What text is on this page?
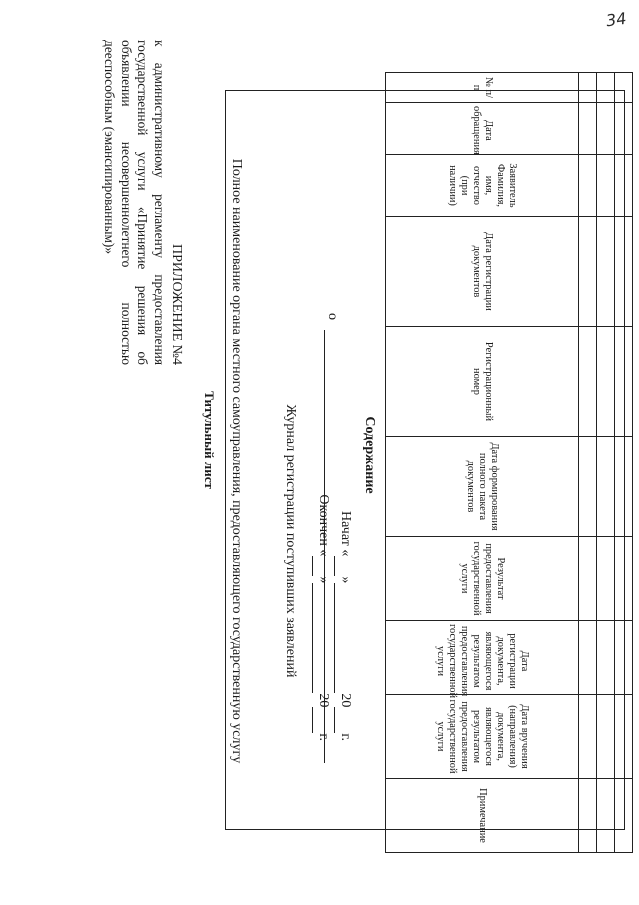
34
ПРИЛОЖЕНИЕ №4
к административному регламенту предоставления государственной услуги «Принятие решения об объявлении несовершеннолетнего полностью дееспособным (эмансипированным)»
Титульный лист Полное наименование органа местного самоуправления, предоставляющего государственную услугу	Журнал регистрации поступивших заявлений
о
Начат «
»
20
г.
Окончен «
»
20
г.
Содержание
№ п/п	Дата обращения	Заявитель Фамилия, имя, отчество (при наличии)	Дата регистрации документов	Регистрационный номер	Дата формирования полного пакета документов	Результат предоставления государственной услуги	Дата регистрации документа, являющегося результатом предоставления государственной услуги	Дата вручения (направления) документа, являющегося результатом предоставления государственной услуги	Примечание
